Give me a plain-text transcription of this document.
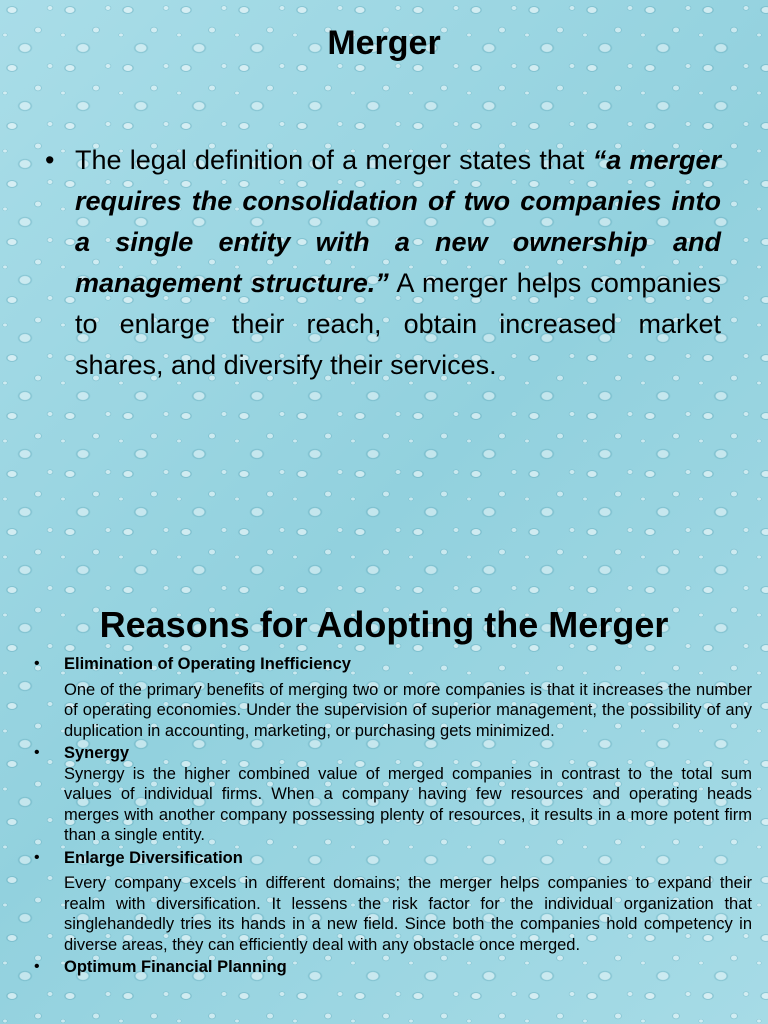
Merger
• The legal definition of a merger states that “a merger requires the consolidation of two companies into a single entity with a new ownership and management structure.” A merger helps companies to enlarge their reach, obtain increased market shares, and diversify their services.
Reasons for Adopting the Merger
• Elimination of Operating Inefficiency
One of the primary benefits of merging two or more companies is that it increases the number of operating economies. Under the supervision of superior management, the possibility of any duplication in accounting, marketing, or purchasing gets minimized.
• Synergy
Synergy is the higher combined value of merged companies in contrast to the total sum values of individual firms. When a company having few resources and operating heads merges with another company possessing plenty of resources, it results in a more potent firm than a single entity.
• Enlarge Diversification
Every company excels in different domains; the merger helps companies to expand their realm with diversification. It lessens the risk factor for the individual organization that singlehandedly tries its hands in a new field. Since both the companies hold competency in diverse areas, they can efficiently deal with any obstacle once merged.
• Optimum Financial Planning
